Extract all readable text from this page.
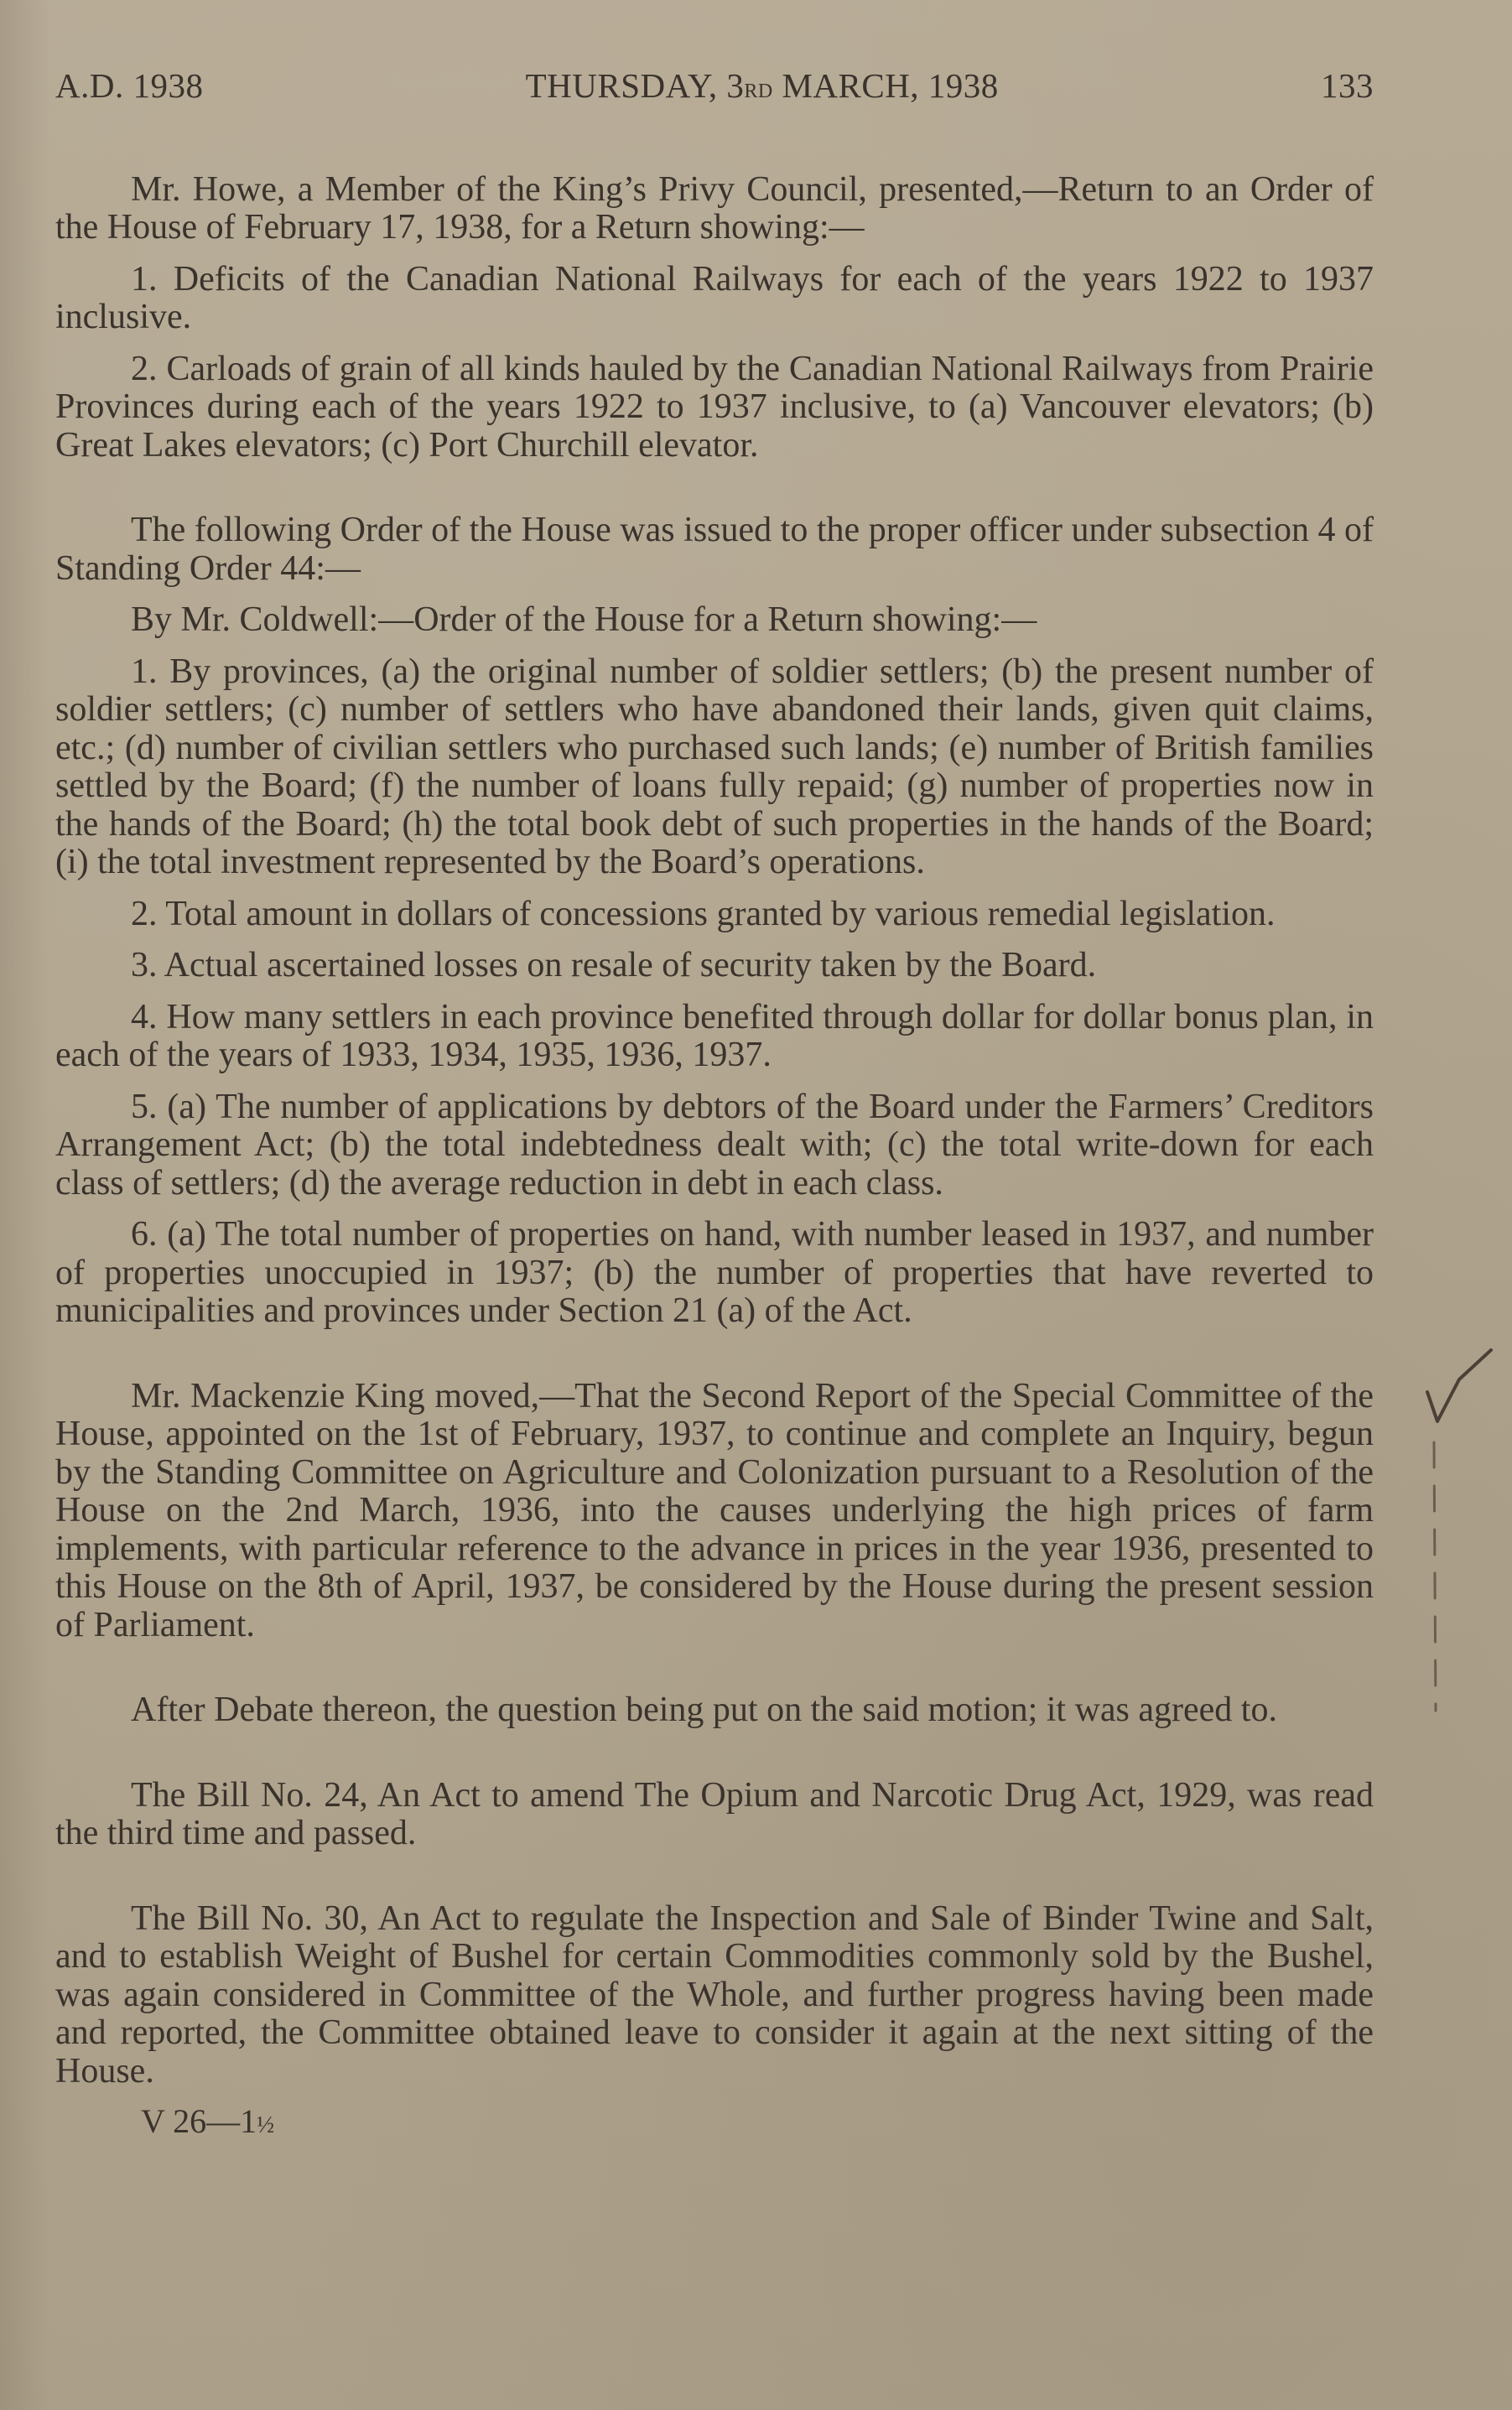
A.D. 1938	THURSDAY, 3rd MARCH, 1938	133

Mr. Howe, a Member of the King’s Privy Council, presented,—Return to an Order of the House of February 17, 1938, for a Return showing:—

1. Deficits of the Canadian National Railways for each of the years 1922 to 1937 inclusive.

2. Carloads of grain of all kinds hauled by the Canadian National Railways from Prairie Provinces during each of the years 1922 to 1937 inclusive, to (a) Vancouver elevators; (b) Great Lakes elevators; (c) Port Churchill elevator.

The following Order of the House was issued to the proper officer under subsection 4 of Standing Order 44:—

By Mr. Coldwell:—Order of the House for a Return showing:—

1. By provinces, (a) the original number of soldier settlers; (b) the present number of soldier settlers; (c) number of settlers who have abandoned their lands, given quit claims, etc.; (d) number of civilian settlers who purchased such lands; (e) number of British families settled by the Board; (f) the number of loans fully repaid; (g) number of properties now in the hands of the Board; (h) the total book debt of such properties in the hands of the Board; (i) the total investment represented by the Board’s operations.

2. Total amount in dollars of concessions granted by various remedial legislation.

3. Actual ascertained losses on resale of security taken by the Board.

4. How many settlers in each province benefited through dollar for dollar bonus plan, in each of the years of 1933, 1934, 1935, 1936, 1937.

5. (a) The number of applications by debtors of the Board under the Farmers’ Creditors Arrangement Act; (b) the total indebtedness dealt with; (c) the total write-down for each class of settlers; (d) the average reduction in debt in each class.

6. (a) The total number of properties on hand, with number leased in 1937, and number of properties unoccupied in 1937; (b) the number of properties that have reverted to municipalities and provinces under Section 21 (a) of the Act.

Mr. Mackenzie King moved,—That the Second Report of the Special Committee of the House, appointed on the 1st of February, 1937, to continue and complete an Inquiry, begun by the Standing Committee on Agriculture and Colonization pursuant to a Resolution of the House on the 2nd March, 1936, into the causes underlying the high prices of farm implements, with particular reference to the advance in prices in the year 1936, presented to this House on the 8th of April, 1937, be considered by the House during the present session of Parliament.

After Debate thereon, the question being put on the said motion; it was agreed to.

The Bill No. 24, An Act to amend The Opium and Narcotic Drug Act, 1929, was read the third time and passed.

The Bill No. 30, An Act to regulate the Inspection and Sale of Binder Twine and Salt, and to establish Weight of Bushel for certain Commodities commonly sold by the Bushel, was again considered in Committee of the Whole, and further progress having been made and reported, the Committee obtained leave to consider it again at the next sitting of the House.

V 26—1½
